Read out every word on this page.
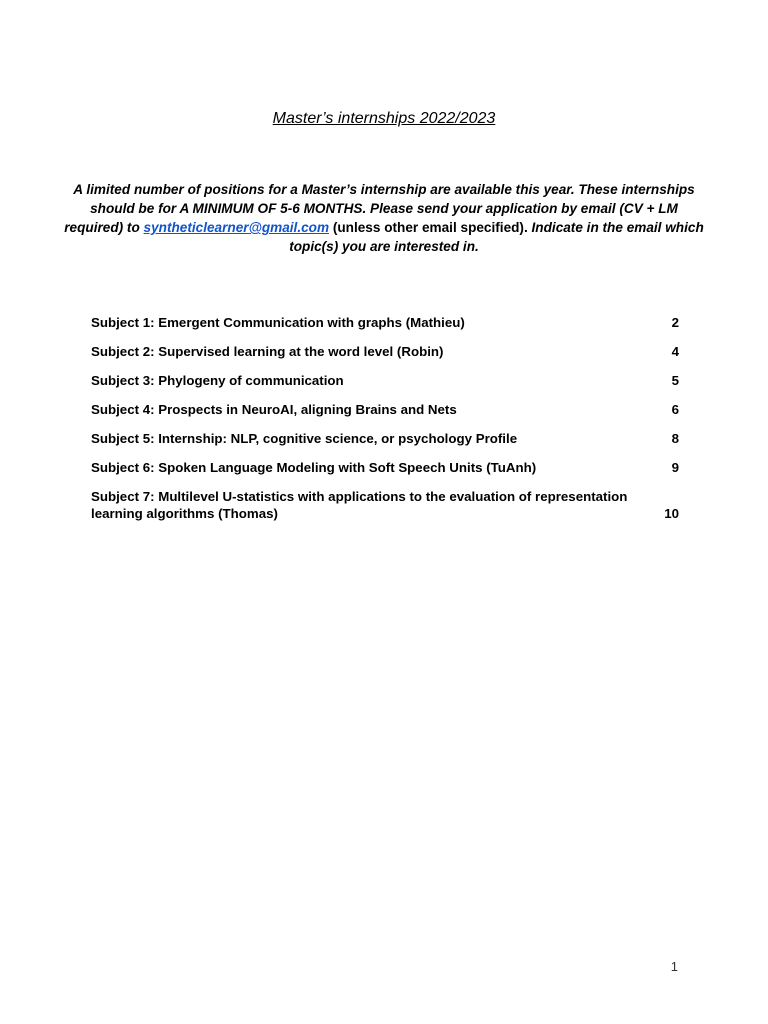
Master’s internships 2022/2023
A limited number of positions for a Master’s internship are available this year. These internships should be for A MINIMUM OF 5-6 MONTHS. Please send your application by email (CV + LM required) to syntheticlearner@gmail.com (unless other email specified). Indicate in the email which topic(s) you are interested in.
Subject 1: Emergent Communication with graphs (Mathieu)	2
Subject 2: Supervised learning at the word level (Robin)	4
Subject 3: Phylogeny of communication	5
Subject 4: Prospects in NeuroAI, aligning Brains and Nets	6
Subject 5: Internship: NLP, cognitive science, or psychology Profile	8
Subject 6: Spoken Language Modeling with Soft Speech Units (TuAnh)	9
Subject 7: Multilevel U-statistics with applications to the evaluation of representation learning algorithms (Thomas)	10
1
